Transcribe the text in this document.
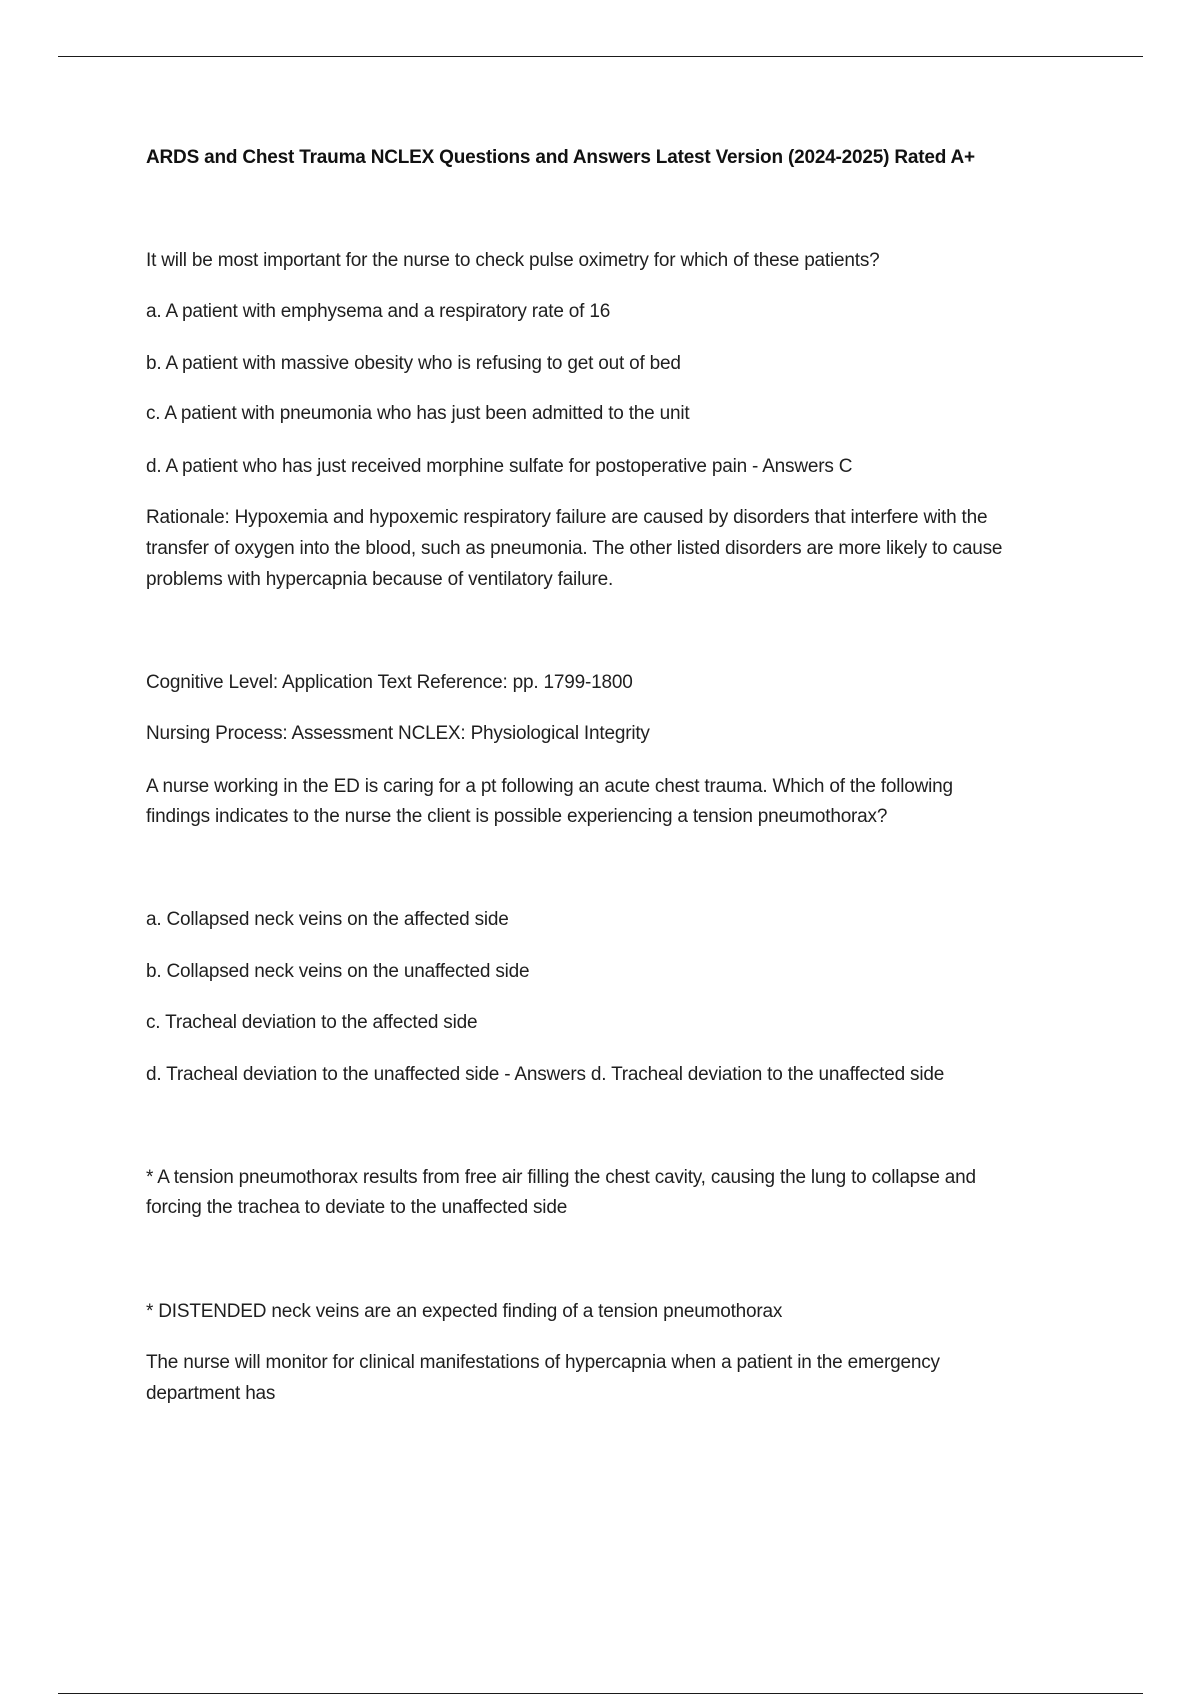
ARDS and Chest Trauma NCLEX Questions and Answers Latest Version (2024-2025) Rated A+
It will be most important for the nurse to check pulse oximetry for which of these patients?
a. A patient with emphysema and a respiratory rate of 16
b. A patient with massive obesity who is refusing to get out of bed
c. A patient with pneumonia who has just been admitted to the unit
d. A patient who has just received morphine sulfate for postoperative pain - Answers C
Rationale: Hypoxemia and hypoxemic respiratory failure are caused by disorders that interfere with the
transfer of oxygen into the blood, such as pneumonia. The other listed disorders are more likely to cause
problems with hypercapnia because of ventilatory failure.
Cognitive Level: Application Text Reference: pp. 1799-1800
Nursing Process: Assessment NCLEX: Physiological Integrity
A nurse working in the ED is caring for a pt following an acute chest trauma. Which of the following
findings indicates to the nurse the client is possible experiencing a tension pneumothorax?
a. Collapsed neck veins on the affected side
b. Collapsed neck veins on the unaffected side
c. Tracheal deviation to the affected side
d. Tracheal deviation to the unaffected side - Answers d. Tracheal deviation to the unaffected side
* A tension pneumothorax results from free air filling the chest cavity, causing the lung to collapse and
forcing the trachea to deviate to the unaffected side
* DISTENDED neck veins are an expected finding of a tension pneumothorax
The nurse will monitor for clinical manifestations of hypercapnia when a patient in the emergency
department has
